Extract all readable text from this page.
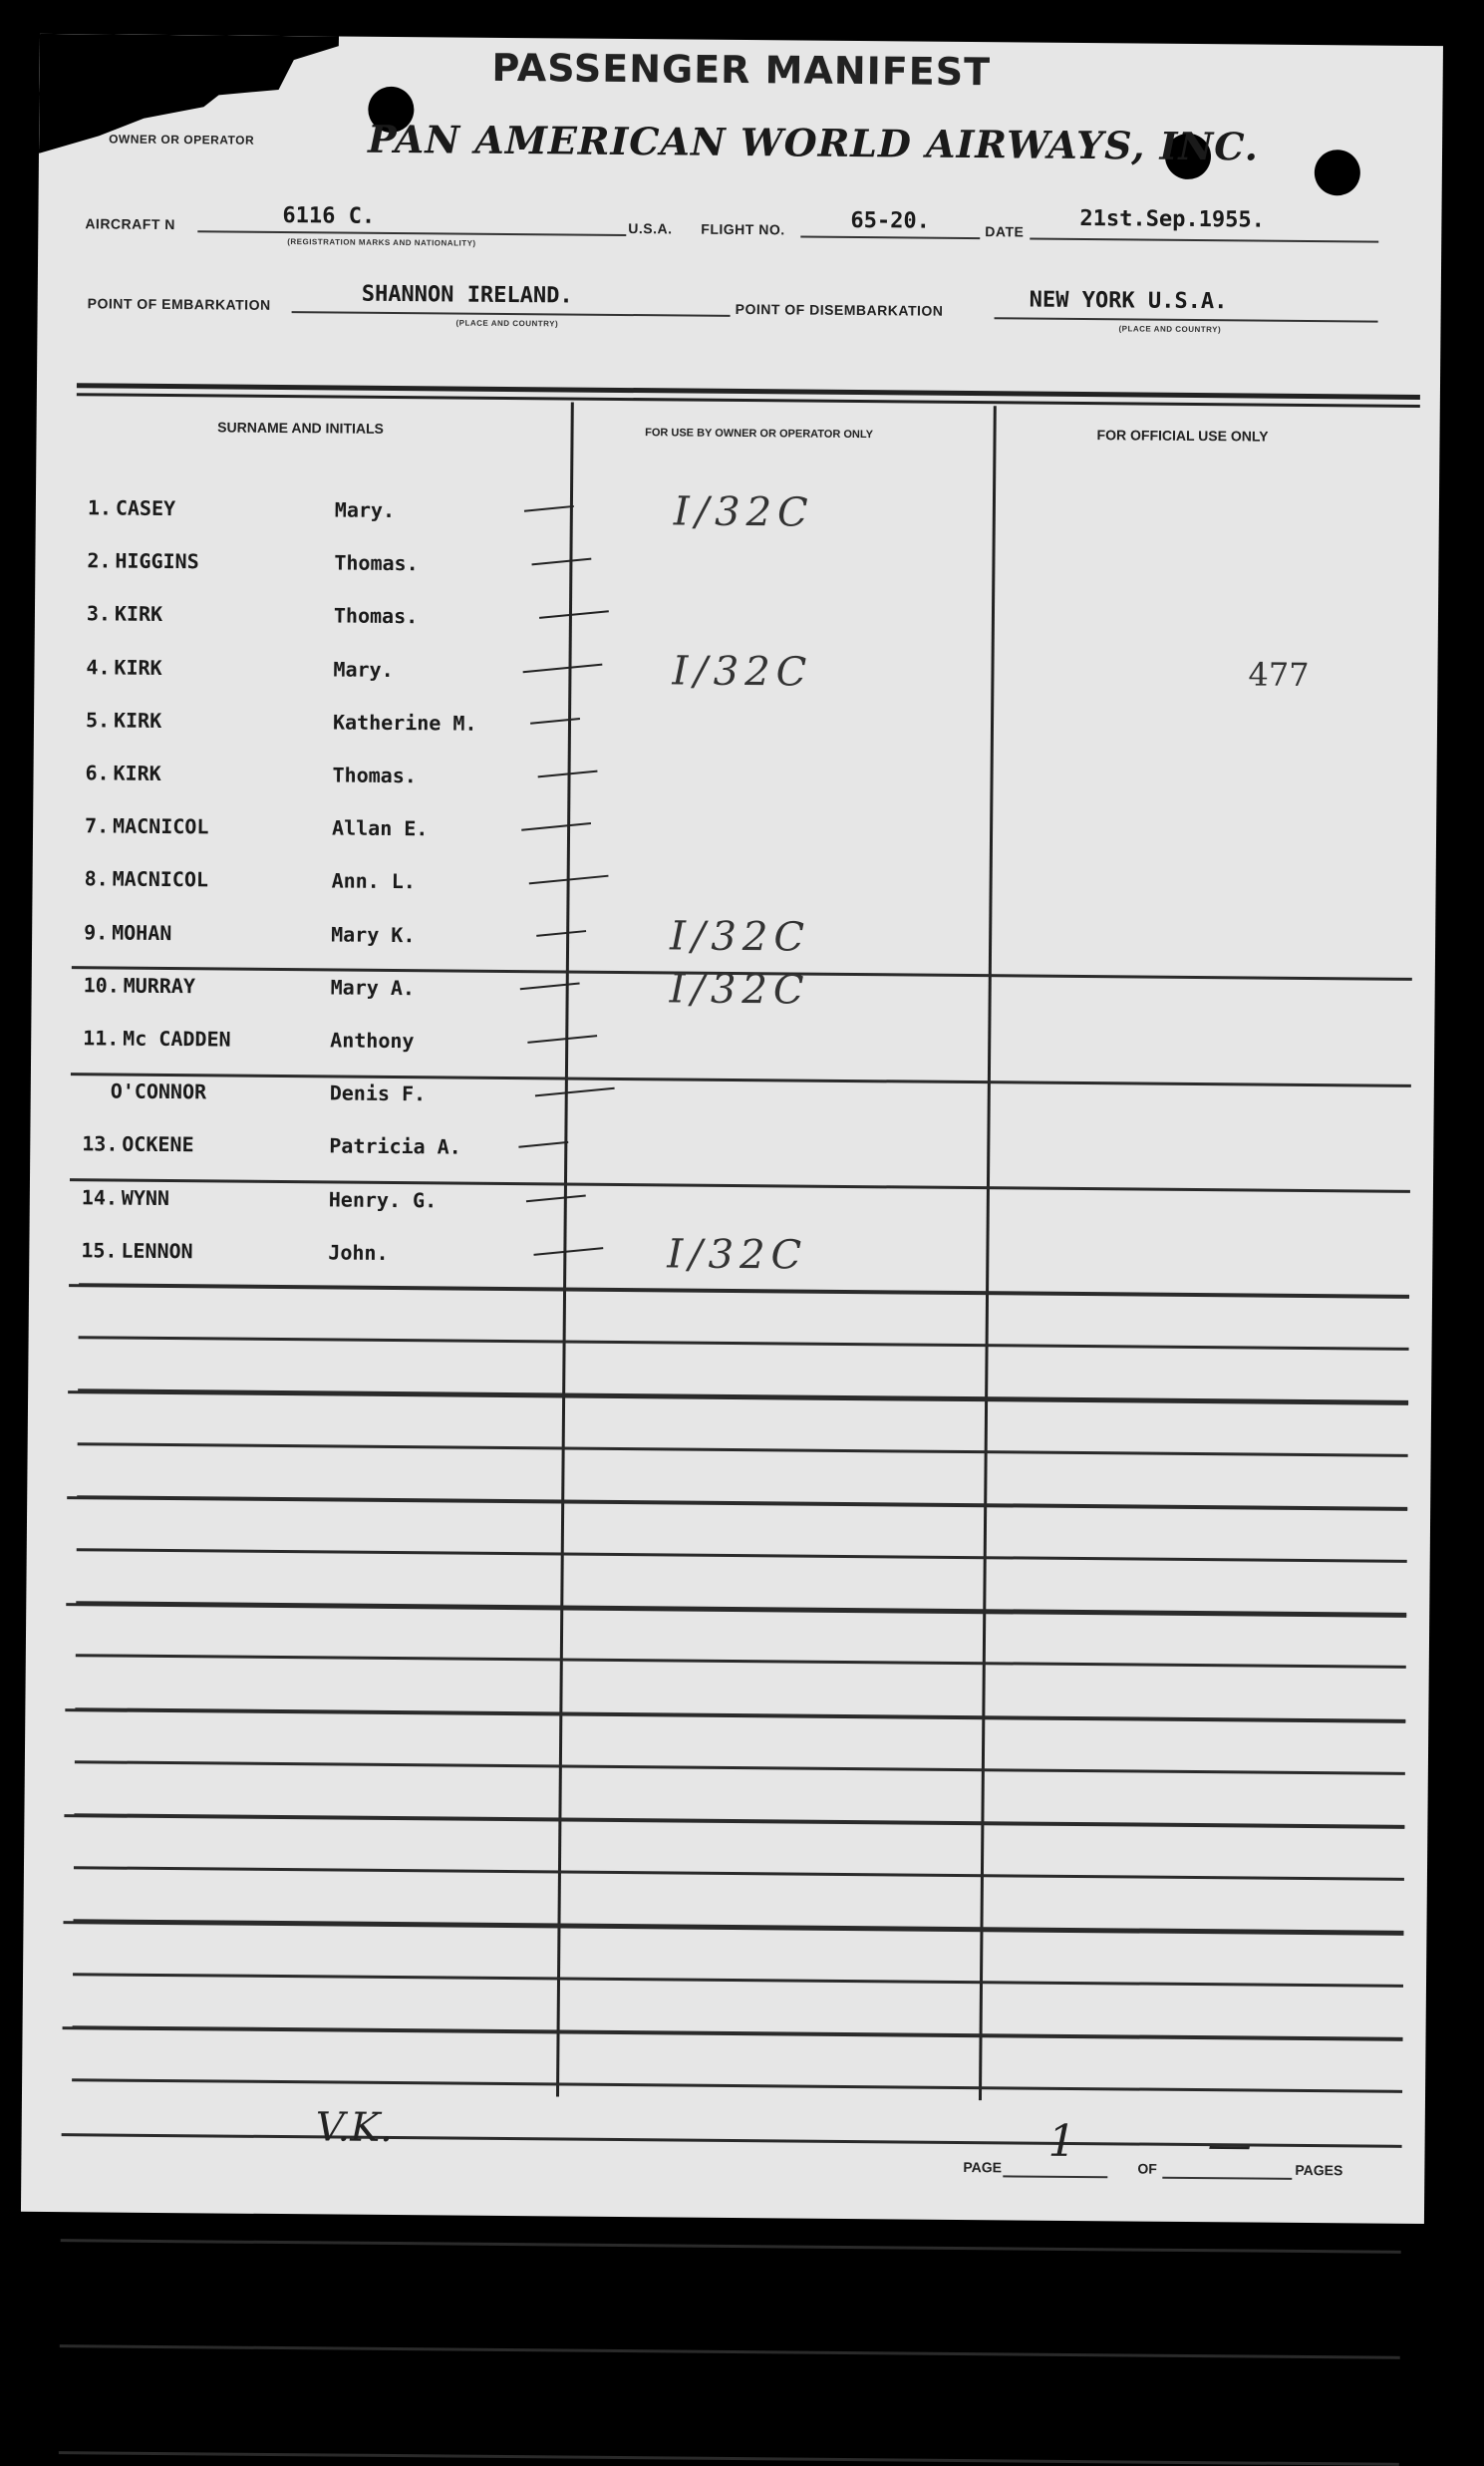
PASSENGER MANIFEST
OWNER OR OPERATOR	PAN AMERICAN WORLD AIRWAYS, INC.
AIRCRAFT N	6116 C.
(REGISTRATION MARKS AND NATIONALITY)
U.S.A. FLIGHT NO.	65-20.	DATE	21st.Sep.1955.
POINT OF EMBARKATION	SHANNON IRELAND.
(PLACE AND COUNTRY)
POINT OF DISEMBARKATION	NEW YORK U.S.A.
(PLACE AND COUNTRY)
SURNAME AND INITIALS	FOR USE BY OWNER OR OPERATOR ONLY	FOR OFFICIAL USE ONLY
1. CASEY	Mary.	I/32C
2. HIGGINS	Thomas.
3. KIRK	Thomas.
4. KIRK	Mary.	I/32C	477
5. KIRK	Katherine M.
6. KIRK	Thomas.
7. MACNICOL	Allan E.
8. MACNICOL	Ann. L.
9. MOHAN	Mary K.	I/32C
10. MURRAY	Mary A.	I/32C
11. Mc CADDEN	Anthony
O'CONNOR	Denis F.
13. OCKENE	Patricia A.
14. WYNN	Henry. G.
15. LENNON	John.	I/32C
V.K.
PAGE
1
OF —	PAGES
